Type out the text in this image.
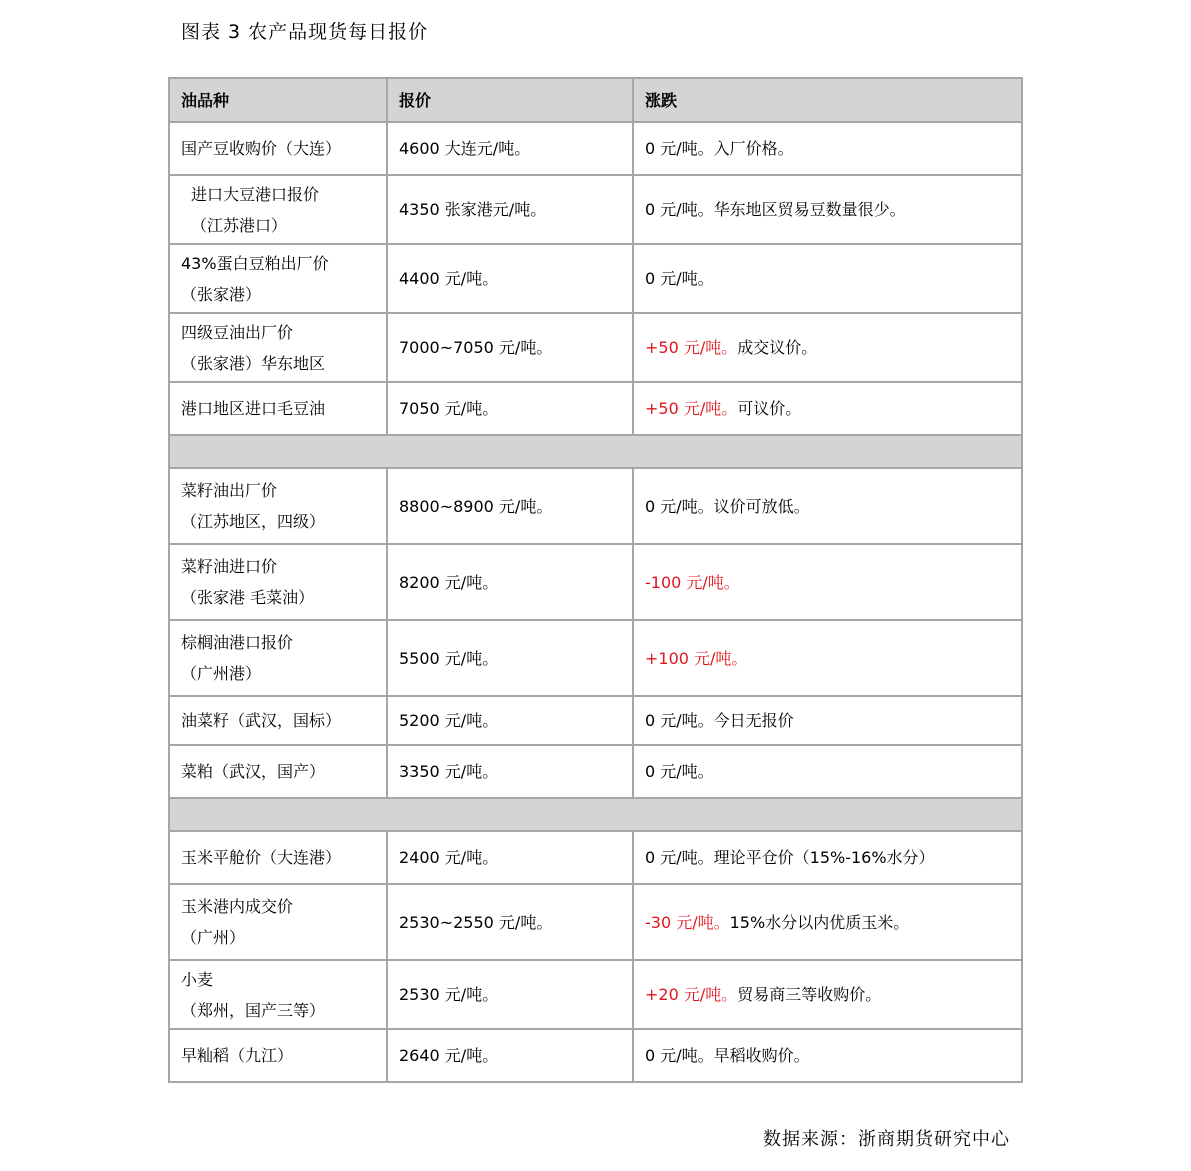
图表 3 农产品现货每日报价
油品种	报价	涨跌
国产豆收购价（大连）	4600 大连元/吨。	0 元/吨。入厂价格。

进口大豆港口报价
（江苏港口）	4350 张家港元/吨。	0 元/吨。华东地区贸易豆数量很少。

43%蛋白豆粕出厂价
（张家港）	4400 元/吨。	0 元/吨。

四级豆油出厂价
（张家港）华东地区	7000~7050 元/吨。	+50 元/吨。成交议价。
港口地区进口毛豆油	7050 元/吨。	+50 元/吨。可议价。

菜籽油出厂价
（江苏地区，四级）	8800~8900 元/吨。	0 元/吨。议价可放低。

菜籽油进口价
（张家港 毛菜油）	8200 元/吨。	-100 元/吨。

棕榈油港口报价
（广州港）	5500 元/吨。	+100 元/吨。
油菜籽（武汉，国标）	5200 元/吨。	0 元/吨。今日无报价
菜粕（武汉，国产）	3350 元/吨。	0 元/吨。

玉米平舱价（大连港）	2400 元/吨。	0 元/吨。理论平仓价（15%-16%水分）

玉米港内成交价
（广州）	2530~2550 元/吨。	-30 元/吨。15%水分以内优质玉米。

小麦
（郑州，国产三等）	2530 元/吨。	+20 元/吨。贸易商三等收购价。
早籼稻（九江）	2640 元/吨。	0 元/吨。早稻收购价。
数据来源：浙商期货研究中心
